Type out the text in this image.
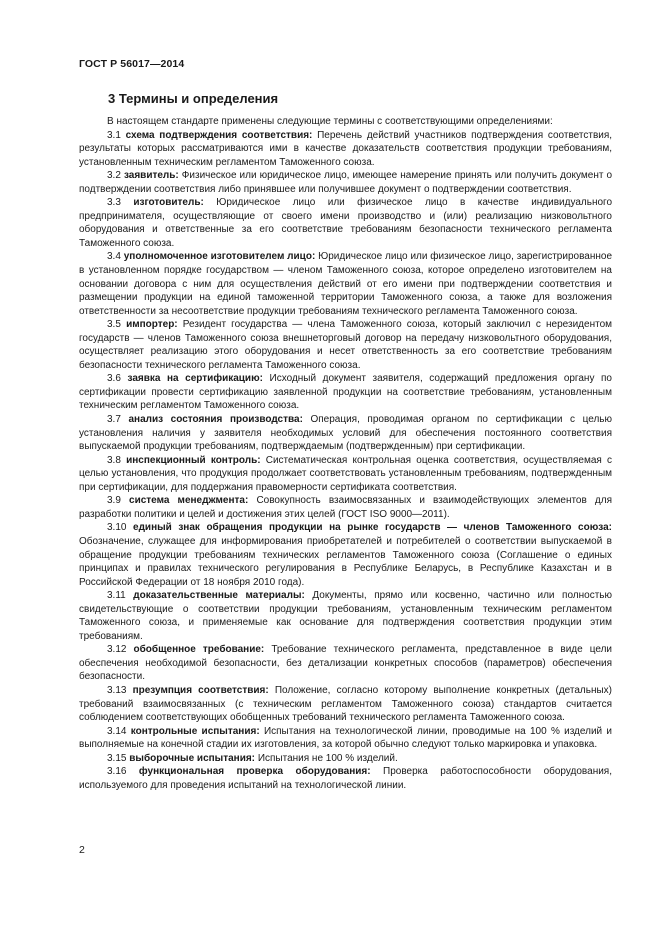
ГОСТ Р 56017—2014
3 Термины и определения

В настоящем стандарте применены следующие термины с соответствующими определениями:

3.1 схема подтверждения соответствия: Перечень действий участников подтверждения соответствия, результаты которых рассматриваются ими в качестве доказательств соответствия продукции требованиям, установленным техническим регламентом Таможенного союза.

3.2 заявитель: Физическое или юридическое лицо, имеющее намерение принять или получить документ о подтверждении соответствия либо принявшее или получившее документ о подтверждении соответствия.

3.3 изготовитель: Юридическое лицо или физическое лицо в качестве индивидуального предпринимателя, осуществляющие от своего имени производство и (или) реализацию низковольтного оборудования и ответственные за его соответствие требованиям безопасности технического регламента Таможенного союза.

3.4 уполномоченное изготовителем лицо: Юридическое лицо или физическое лицо, зарегистрированное в установленном порядке государством — членом Таможенного союза, которое определено изготовителем на основании договора с ним для осуществления действий от его имени при подтверждении соответствия и размещении продукции на единой таможенной территории Таможенного союза, а также для возложения ответственности за несоответствие продукции требованиям технического регламента Таможенного союза.

3.5 импортер: Резидент государства — члена Таможенного союза, который заключил с нерезидентом государств — членов Таможенного союза внешнеторговый договор на передачу низковольтного оборудования, осуществляет реализацию этого оборудования и несет ответственность за его соответствие требованиям безопасности технического регламента Таможенного союза.

3.6 заявка на сертификацию: Исходный документ заявителя, содержащий предложения органу по сертификации провести сертификацию заявленной продукции на соответствие требованиям, установленным техническим регламентом Таможенного союза.

3.7 анализ состояния производства: Операция, проводимая органом по сертификации с целью установления наличия у заявителя необходимых условий для обеспечения постоянного соответствия выпускаемой продукции требованиям, подтверждаемым (подтвержденным) при сертификации.

3.8 инспекционный контроль: Систематическая контрольная оценка соответствия, осуществляемая с целью установления, что продукция продолжает соответствовать установленным требованиям, подтвержденным при сертификации, для поддержания правомерности сертификата соответствия.

3.9 система менеджмента: Совокупность взаимосвязанных и взаимодействующих элементов для разработки политики и целей и достижения этих целей (ГОСТ ISO 9000—2011).

3.10 единый знак обращения продукции на рынке государств — членов Таможенного союза: Обозначение, служащее для информирования приобретателей и потребителей о соответствии выпускаемой в обращение продукции требованиям технических регламентов Таможенного союза (Соглашение о единых принципах и правилах технического регулирования в Республике Беларусь, в Республике Казахстан и в Российской Федерации от 18 ноября 2010 года).

3.11 доказательственные материалы: Документы, прямо или косвенно, частично или полностью свидетельствующие о соответствии продукции требованиям, установленным техническим регламентом Таможенного союза, и применяемые как основание для подтверждения соответствия продукции этим требованиям.

3.12 обобщенное требование: Требование технического регламента, представленное в виде цели обеспечения необходимой безопасности, без детализации конкретных способов (параметров) обеспечения безопасности.

3.13 презумпция соответствия: Положение, согласно которому выполнение конкретных (детальных) требований взаимосвязанных (с техническим регламентом Таможенного союза) стандартов считается соблюдением соответствующих обобщенных требований технического регламента Таможенного союза.

3.14 контрольные испытания: Испытания на технологической линии, проводимые на 100 % изделий и выполняемые на конечной стадии их изготовления, за которой обычно следуют только маркировка и упаковка.

3.15 выборочные испытания: Испытания не 100 % изделий.

3.16 функциональная проверка оборудования: Проверка работоспособности оборудования, используемого для проведения испытаний на технологической линии.

2
